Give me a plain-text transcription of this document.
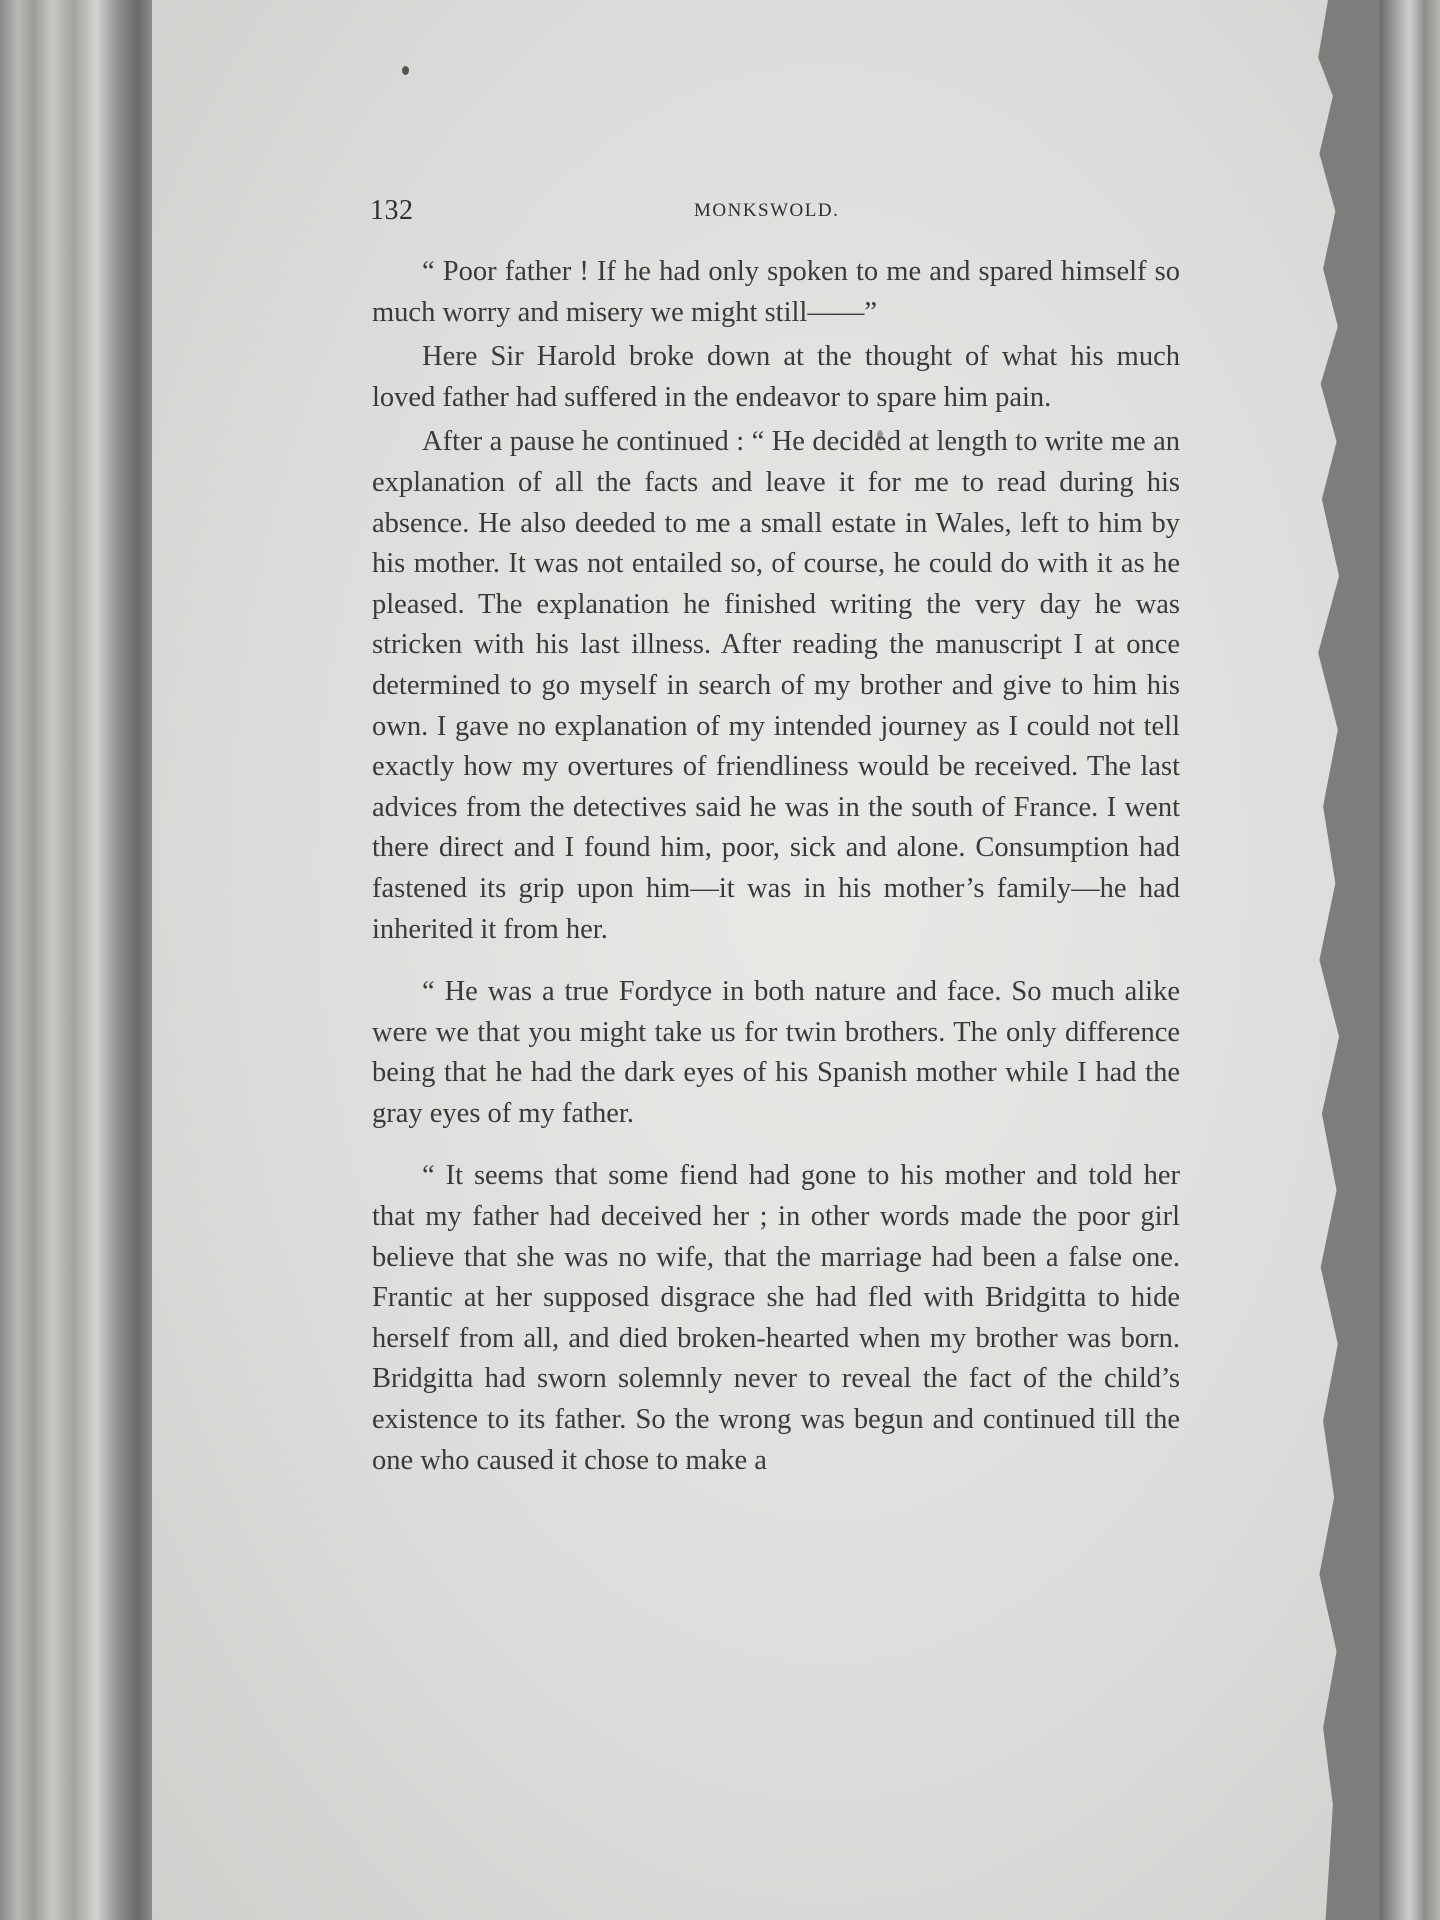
132	MONKSWOLD.

“ Poor father ! If he had only spoken to me and spared himself so much worry and misery we might still——”

Here Sir Harold broke down at the thought of what his much loved father had suffered in the endeavor to spare him pain.

After a pause he continued : “ He decided at length to write me an explanation of all the facts and leave it for me to read during his absence. He also deeded to me a small estate in Wales, left to him by his mother. It was not entailed so, of course, he could do with it as he pleased. The explanation he finished writing the very day he was stricken with his last illness. After reading the manuscript I at once determined to go myself in search of my brother and give to him his own. I gave no explanation of my intended journey as I could not tell exactly how my overtures of friendliness would be received. The last advices from the detectives said he was in the south of France. I went there direct and I found him, poor, sick and alone. Consumption had fastened its grip upon him—it was in his mother’s family—he had inherited it from her.

“ He was a true Fordyce in both nature and face. So much alike were we that you might take us for twin brothers. The only difference being that he had the dark eyes of his Spanish mother while I had the gray eyes of my father.

“ It seems that some fiend had gone to his mother and told her that my father had deceived her ; in other words made the poor girl believe that she was no wife, that the marriage had been a false one. Frantic at her supposed disgrace she had fled with Bridgitta to hide herself from all, and died broken-hearted when my brother was born. Bridgitta had sworn solemnly never to reveal the fact of the child’s existence to its father. So the wrong was begun and continued till the one who caused it chose to make a
